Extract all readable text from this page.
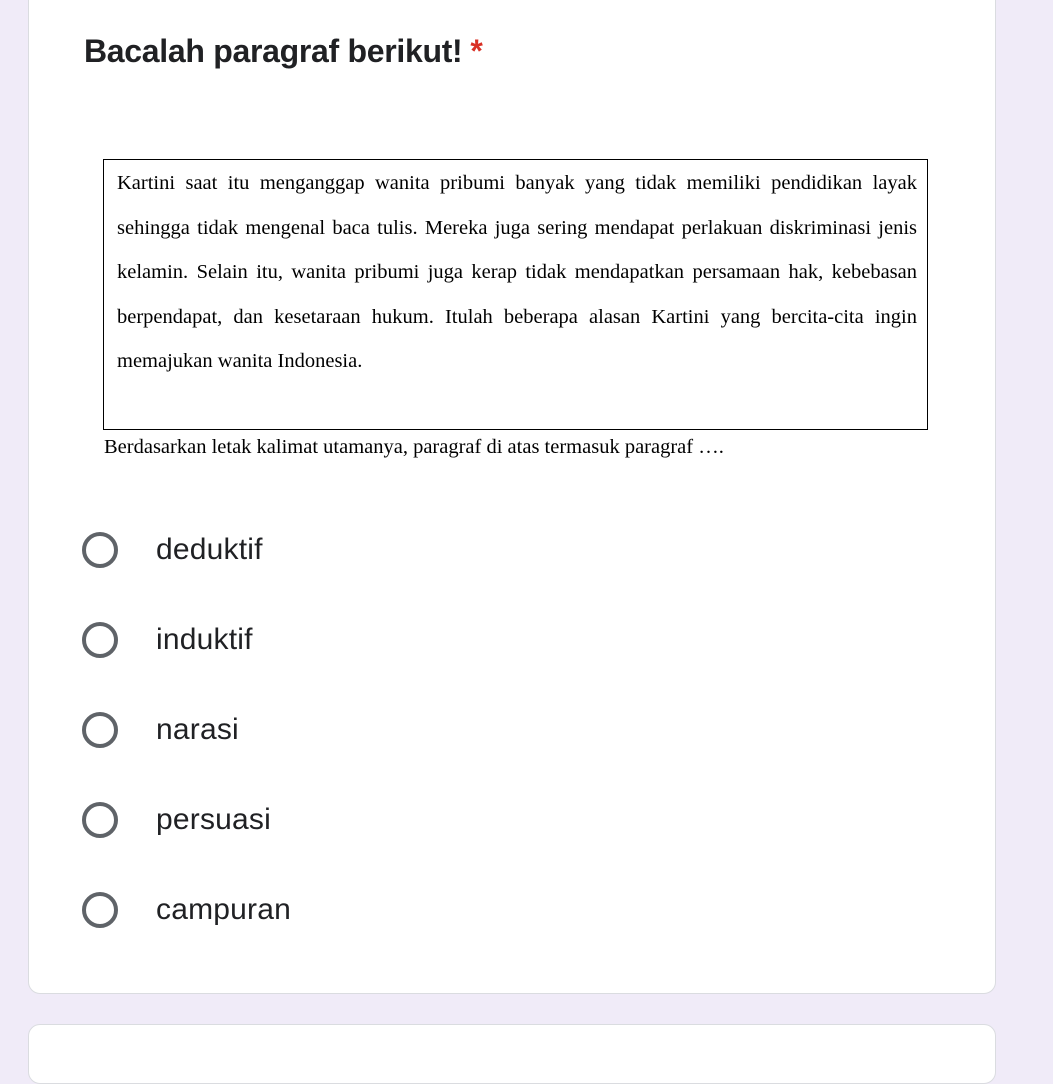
Bacalah paragraf berikut! *

Kartini saat itu menganggap wanita pribumi banyak yang tidak memiliki pendidikan layak sehingga tidak mengenal baca tulis. Mereka juga sering mendapat perlakuan diskriminasi jenis kelamin. Selain itu, wanita pribumi juga kerap tidak mendapatkan persamaan hak, kebebasan berpendapat, dan kesetaraan hukum. Itulah beberapa alasan Kartini yang bercita-cita ingin memajukan wanita Indonesia.

Berdasarkan letak kalimat utamanya, paragraf di atas termasuk paragraf ….

deduktif
induktif
narasi
persuasi
campuran
